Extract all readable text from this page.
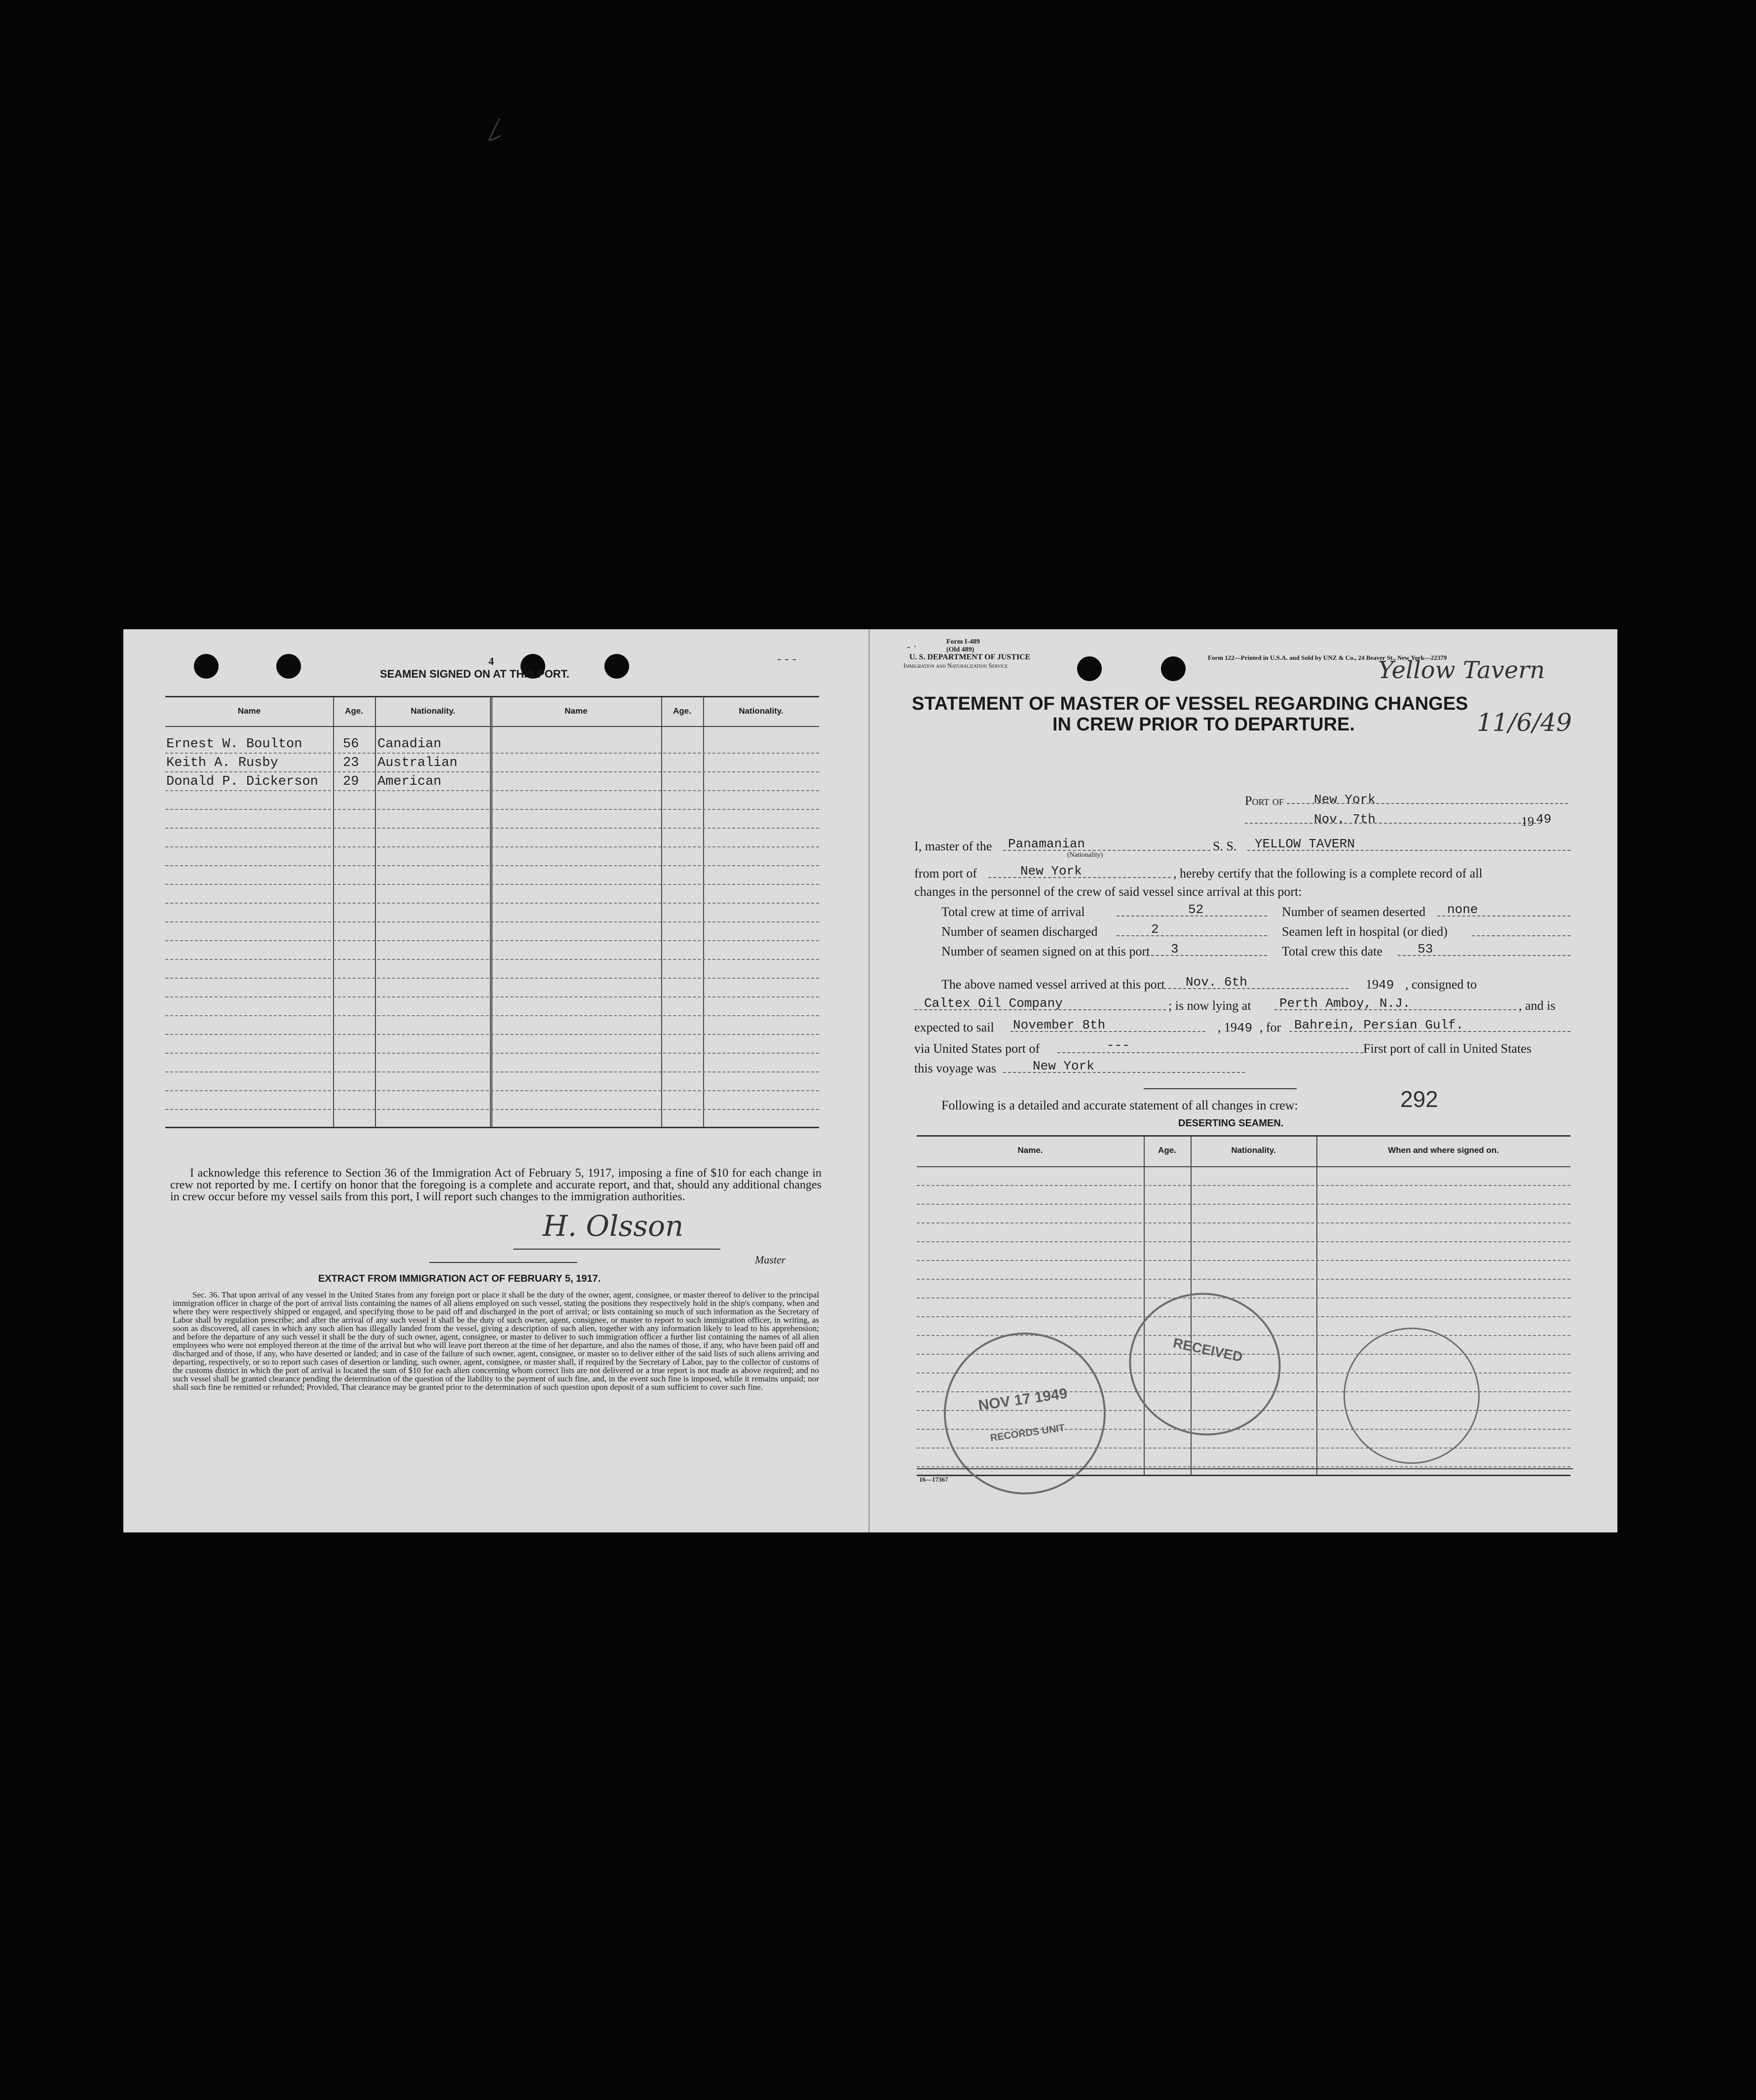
4
SEAMEN SIGNED ON AT THIS PORT.
- - -
Name	Age.	Nationality.	Name	Age.	Nationality.
Ernest W. Boulton	56 Canadian
Keith A. Rusby	23 Australian
Donald P. Dickerson 29 American
I acknowledge this reference to Section 36 of the Immigration Act of February 5, 1917, imposing a fine of $10 for each change in crew not reported by me. I certify on honor that the foregoing is a complete and accurate report, and that, should any additional changes in crew occur before my vessel sails from this port, I will report such changes to the immigration authorities.
H. Olsson
Master
EXTRACT FROM IMMIGRATION ACT OF FEBRUARY 5, 1917.
Sec. 36. That upon arrival of any vessel in the United States from any foreign port or place it shall be the duty of the owner, agent, consignee, or master thereof to deliver to the principal immigration officer in charge of the port of arrival lists containing the names of all aliens employed on such vessel, stating the positions they respectively hold in the ship's company, when and where they were respectively shipped or engaged, and specifying those to be paid off and discharged in the port of arrival; or lists containing so much of such information as the Secretary of Labor shall by regulation prescribe; and after the arrival of any such vessel it shall be the duty of such owner, agent, consignee, or master to report to such immigration officer, in writing, as soon as discovered, all cases in which any such alien has illegally landed from the vessel, giving a description of such alien, together with any information likely to lead to his apprehension; and before the departure of any such vessel it shall be the duty of such owner, agent, consignee, or master to deliver to such immigration officer a further list containing the names of all alien employees who were not employed thereon at the time of the arrival but who will leave port thereon at the time of her departure, and also the names of those, if any, who have been paid off and discharged and of those, if any, who have deserted or landed; and in case of the failure of such owner, agent, consignee, or master so to deliver either of the said lists of such aliens arriving and departing, respectively, or so to report such cases of desertion or landing, such owner, agent, consignee, or master shall, if required by the Secretary of Labor, pay to the collector of customs of the customs district in which the port of arrival is located the sum of $10 for each alien concerning whom correct lists are not delivered or a true report is not made as above required; and no such vessel shall be granted clearance pending the determination of the question of the liability to the payment of such fine, and, in the event such fine is imposed, while it remains unpaid; nor shall such fine be remitted or refunded; Provided, That clearance may be granted prior to the determination of such question upon deposit of a sum sufficient to cover such fine.
- ·	Form I-489
(Old 489)
U. S. DEPARTMENT OF JUSTICE
Immigration and Naturalization Service
Form 122—Printed in U.S.A. and Sold by UNZ & Co., 24 Beaver St., New York—22379
Yellow Tavern
11/6/49
STATEMENT OF MASTER OF VESSEL REGARDING CHANGES
IN CREW PRIOR TO DEPARTURE.
Port of New York
Nov. 7th	19 49
I, master of the Panamanian
(Nationality)
S. S. YELLOW TAVERN
from port of	New York	, hereby certify that the following is a complete record of all
changes in the personnel of the crew of said vessel since arrival at this port:
Total crew at time of arrival	52	Number of seamen deserted none
Number of seamen discharged	2	Seamen left in hospital (or died)
Number of seamen signed on at this port 3	Total crew this date	53
The above named vessel arrived at this port Nov. 6th	1949 , consigned to
Caltex Oil Company	; is now lying at Perth Amboy, N.J.	, and is
expected to sail November 8th	, 1949 , for Bahrein, Persian Gulf.
via United States port of	---	First port of call in United States
this voyage was	New York
Following is a detailed and accurate statement of all changes in crew:	292
DESERTING SEAMEN.
Name.	Age.	Nationality.	When and where signed on.
NOV 17 1949
RECORDS UNIT
RECEIVED
16—17367
